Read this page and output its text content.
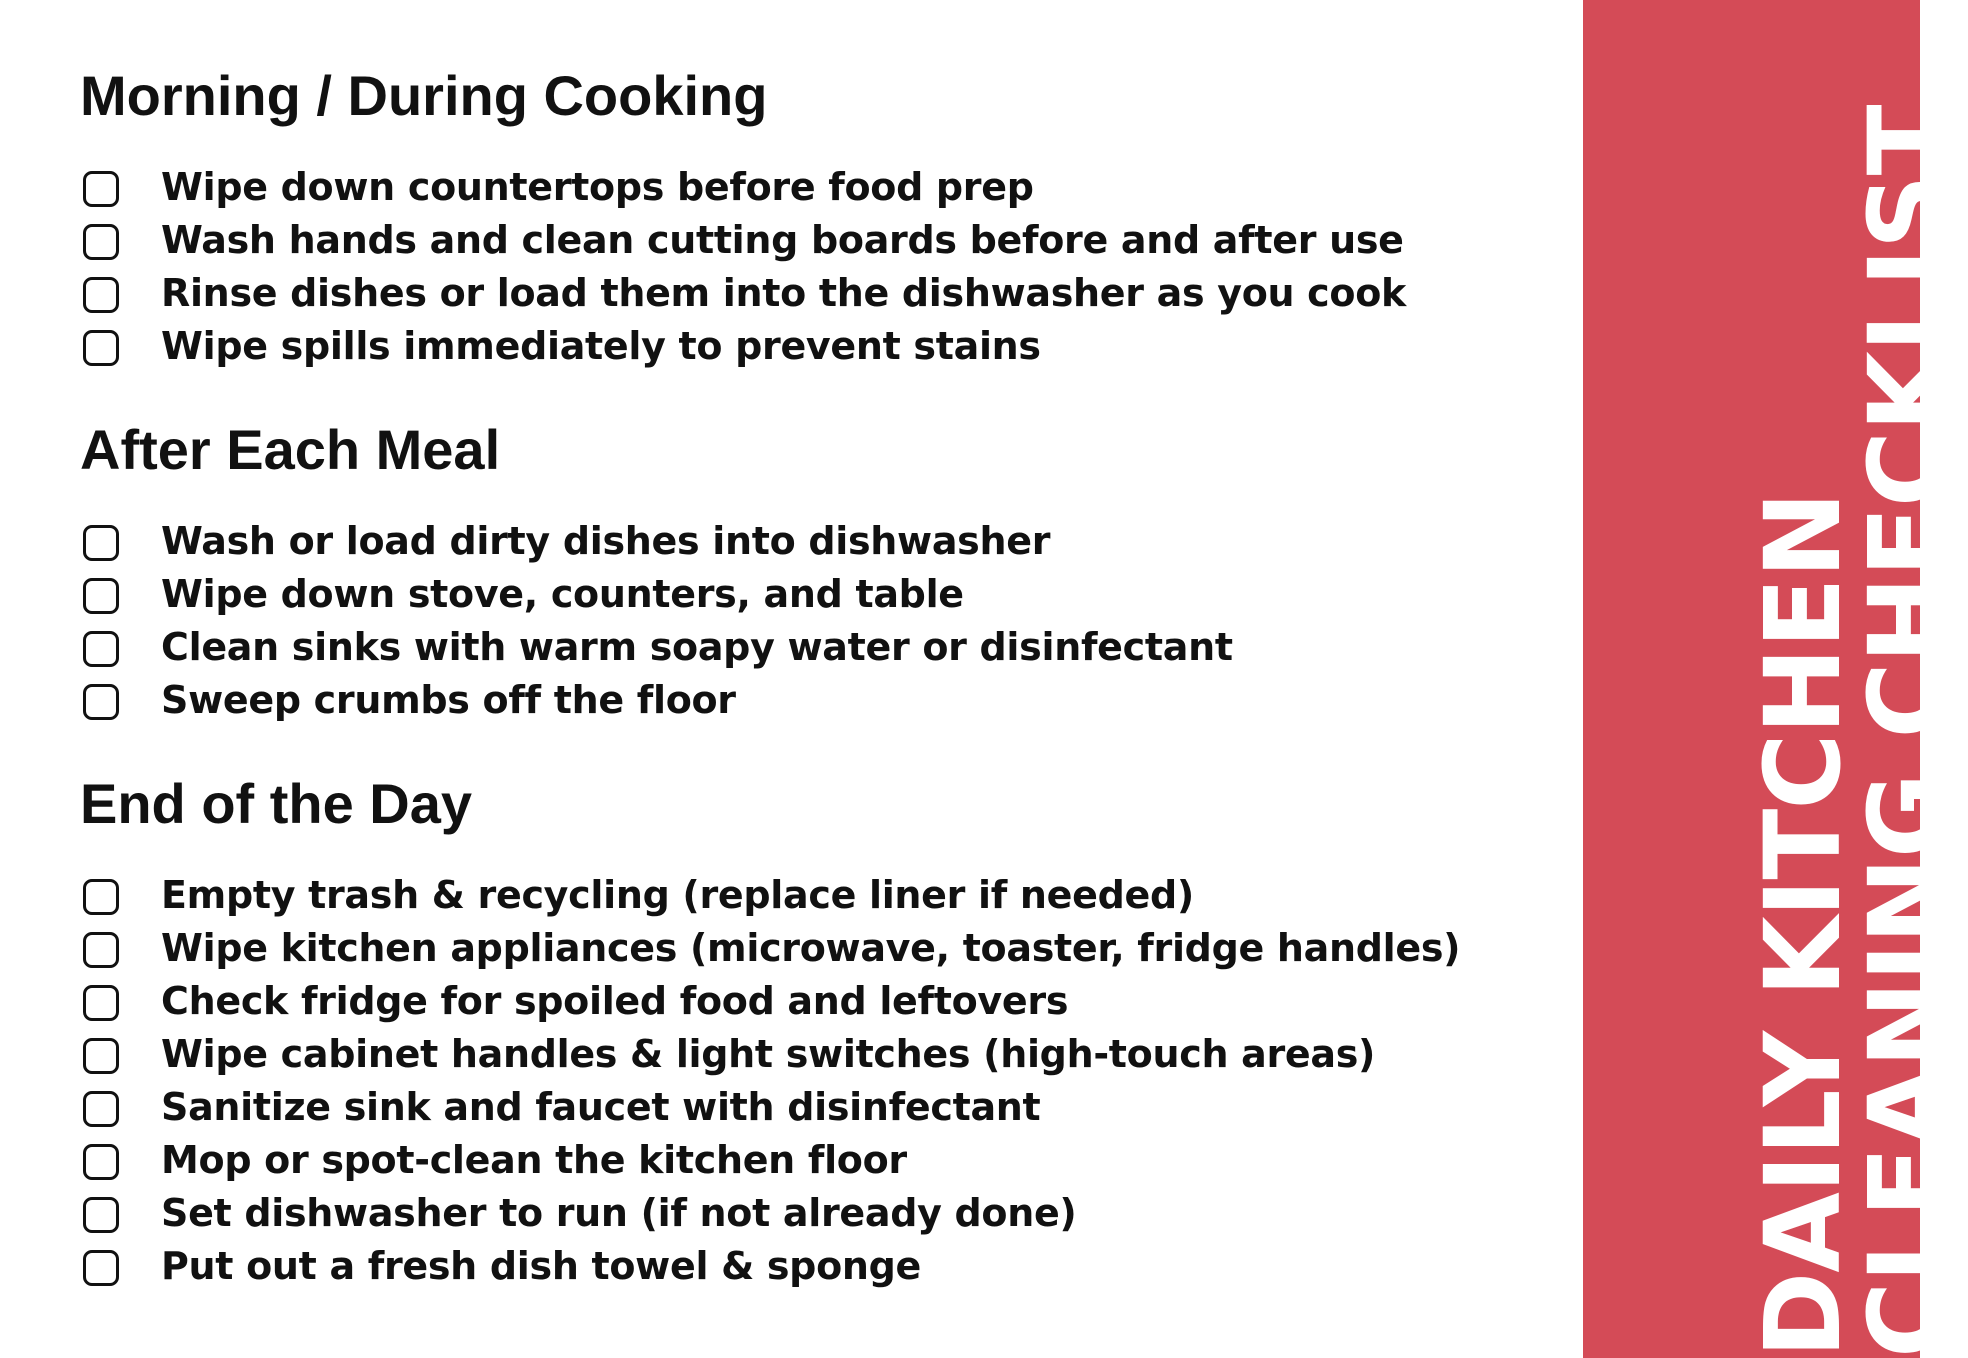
Morning / During Cooking
Wipe down countertops before food prep
Wash hands and clean cutting boards before and after use
Rinse dishes or load them into the dishwasher as you cook
Wipe spills immediately to prevent stains
After Each Meal
Wash or load dirty dishes into dishwasher
Wipe down stove, counters, and table
Clean sinks with warm soapy water or disinfectant
Sweep crumbs off the floor
End of the Day
Empty trash & recycling (replace liner if needed)
Wipe kitchen appliances (microwave, toaster, fridge handles)
Check fridge for spoiled food and leftovers
Wipe cabinet handles & light switches (high-touch areas)
Sanitize sink and faucet with disinfectant
Mop or spot-clean the kitchen floor
Set dishwasher to run (if not already done)
Put out a fresh dish towel & sponge	DAILY KITCHEN
CLEANING CHECKLIST
